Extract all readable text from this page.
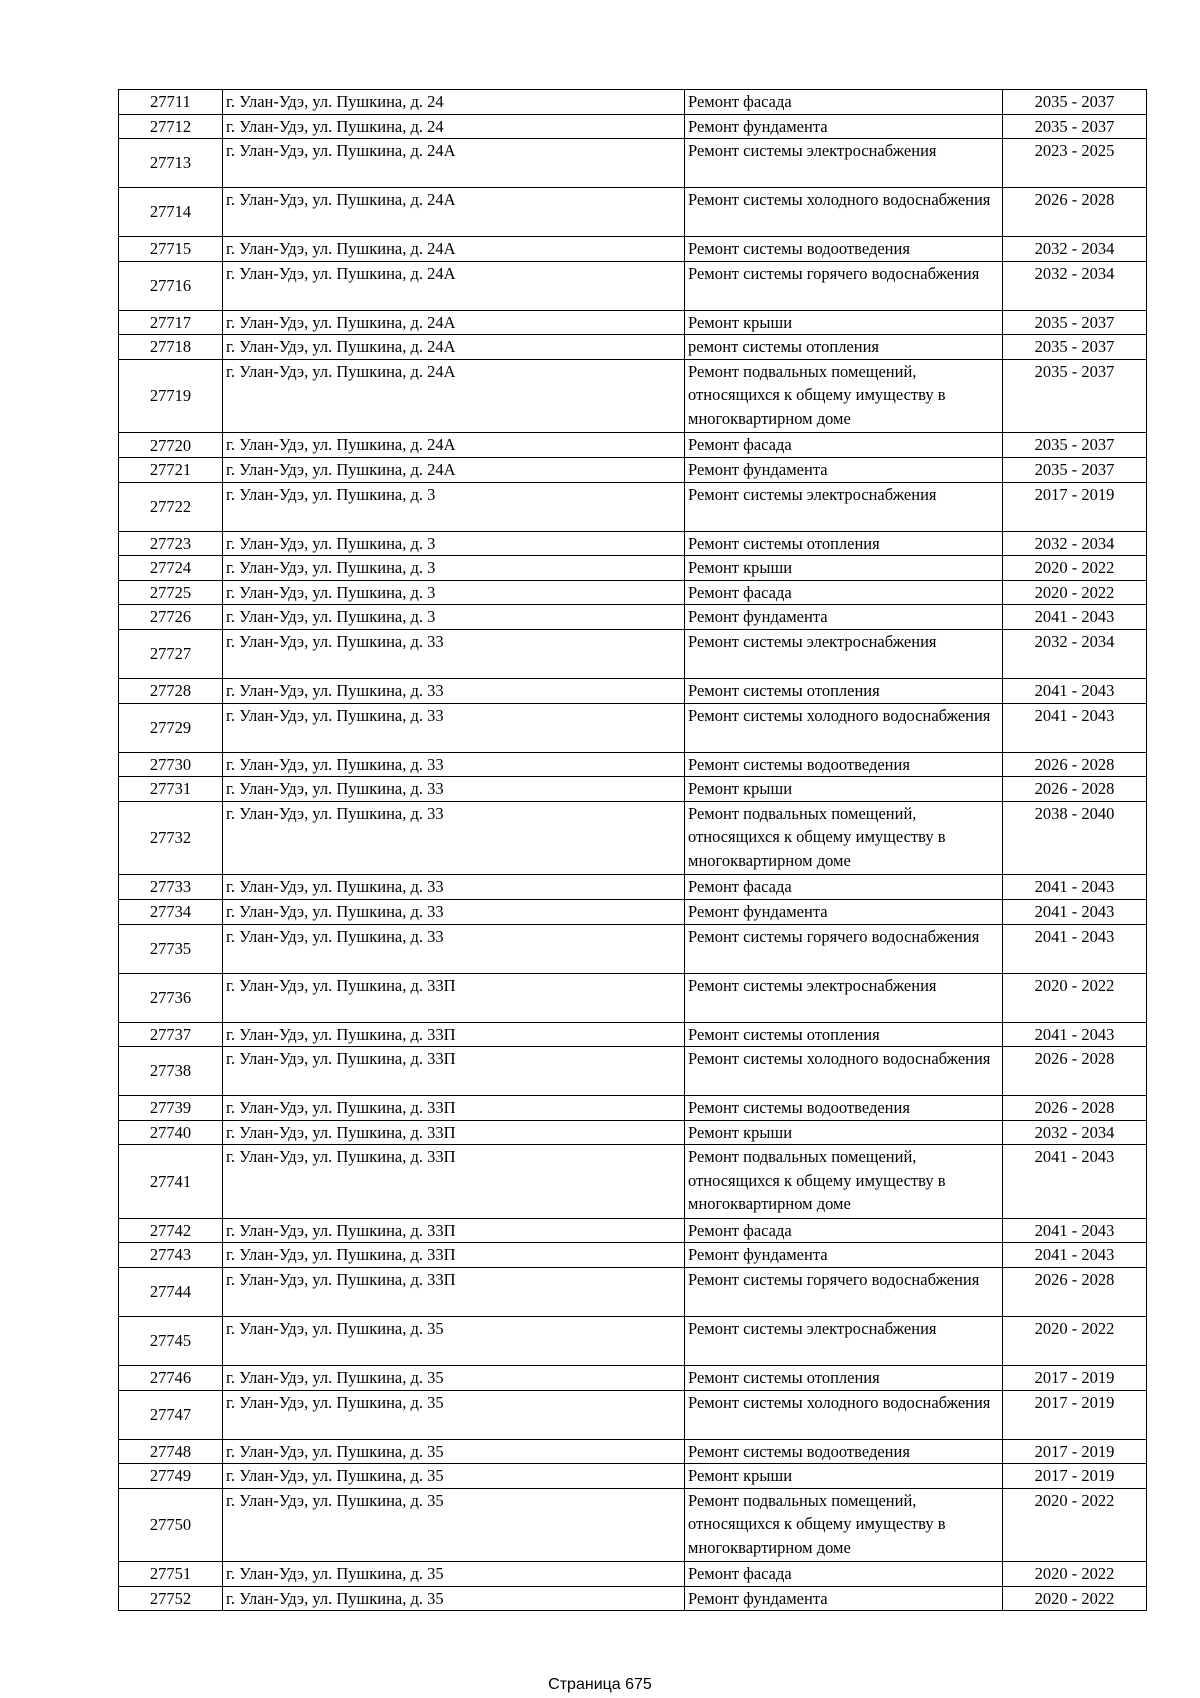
27711	г. Улан-Удэ, ул. Пушкина, д. 24	Ремонт фасада	2035 - 2037
27712	г. Улан-Удэ, ул. Пушкина, д. 24	Ремонт фундамента	2035 - 2037
27713	г. Улан-Удэ, ул. Пушкина, д. 24А	Ремонт системы электроснабжения	2023 - 2025
27714	г. Улан-Удэ, ул. Пушкина, д. 24А	Ремонт системы холодного водоснабжения	2026 - 2028
27715	г. Улан-Удэ, ул. Пушкина, д. 24А	Ремонт системы водоотведения	2032 - 2034
27716	г. Улан-Удэ, ул. Пушкина, д. 24А	Ремонт системы горячего водоснабжения	2032 - 2034
27717	г. Улан-Удэ, ул. Пушкина, д. 24А	Ремонт крыши	2035 - 2037
27718	г. Улан-Удэ, ул. Пушкина, д. 24А	ремонт системы отопления	2035 - 2037
27719	г. Улан-Удэ, ул. Пушкина, д. 24А	Ремонт подвальных помещений, относящихся к общему имуществу в многоквартирном доме	2035 - 2037
27720	г. Улан-Удэ, ул. Пушкина, д. 24А	Ремонт фасада	2035 - 2037
27721	г. Улан-Удэ, ул. Пушкина, д. 24А	Ремонт фундамента	2035 - 2037
27722	г. Улан-Удэ, ул. Пушкина, д. 3	Ремонт системы электроснабжения	2017 - 2019
27723	г. Улан-Удэ, ул. Пушкина, д. 3	Ремонт системы отопления	2032 - 2034
27724	г. Улан-Удэ, ул. Пушкина, д. 3	Ремонт крыши	2020 - 2022
27725	г. Улан-Удэ, ул. Пушкина, д. 3	Ремонт фасада	2020 - 2022
27726	г. Улан-Удэ, ул. Пушкина, д. 3	Ремонт фундамента	2041 - 2043
27727	г. Улан-Удэ, ул. Пушкина, д. 33	Ремонт системы электроснабжения	2032 - 2034
27728	г. Улан-Удэ, ул. Пушкина, д. 33	Ремонт системы отопления	2041 - 2043
27729	г. Улан-Удэ, ул. Пушкина, д. 33	Ремонт системы холодного водоснабжения	2041 - 2043
27730	г. Улан-Удэ, ул. Пушкина, д. 33	Ремонт системы водоотведения	2026 - 2028
27731	г. Улан-Удэ, ул. Пушкина, д. 33	Ремонт крыши	2026 - 2028
27732	г. Улан-Удэ, ул. Пушкина, д. 33	Ремонт подвальных помещений, относящихся к общему имуществу в многоквартирном доме	2038 - 2040
27733	г. Улан-Удэ, ул. Пушкина, д. 33	Ремонт фасада	2041 - 2043
27734	г. Улан-Удэ, ул. Пушкина, д. 33	Ремонт фундамента	2041 - 2043
27735	г. Улан-Удэ, ул. Пушкина, д. 33	Ремонт системы горячего водоснабжения	2041 - 2043
27736	г. Улан-Удэ, ул. Пушкина, д. 33П	Ремонт системы электроснабжения	2020 - 2022
27737	г. Улан-Удэ, ул. Пушкина, д. 33П	Ремонт системы отопления	2041 - 2043
27738	г. Улан-Удэ, ул. Пушкина, д. 33П	Ремонт системы холодного водоснабжения	2026 - 2028
27739	г. Улан-Удэ, ул. Пушкина, д. 33П	Ремонт системы водоотведения	2026 - 2028
27740	г. Улан-Удэ, ул. Пушкина, д. 33П	Ремонт крыши	2032 - 2034
27741	г. Улан-Удэ, ул. Пушкина, д. 33П	Ремонт подвальных помещений, относящихся к общему имуществу в многоквартирном доме	2041 - 2043
27742	г. Улан-Удэ, ул. Пушкина, д. 33П	Ремонт фасада	2041 - 2043
27743	г. Улан-Удэ, ул. Пушкина, д. 33П	Ремонт фундамента	2041 - 2043
27744	г. Улан-Удэ, ул. Пушкина, д. 33П	Ремонт системы горячего водоснабжения	2026 - 2028
27745	г. Улан-Удэ, ул. Пушкина, д. 35	Ремонт системы электроснабжения	2020 - 2022
27746	г. Улан-Удэ, ул. Пушкина, д. 35	Ремонт системы отопления	2017 - 2019
27747	г. Улан-Удэ, ул. Пушкина, д. 35	Ремонт системы холодного водоснабжения	2017 - 2019
27748	г. Улан-Удэ, ул. Пушкина, д. 35	Ремонт системы водоотведения	2017 - 2019
27749	г. Улан-Удэ, ул. Пушкина, д. 35	Ремонт крыши	2017 - 2019
27750	г. Улан-Удэ, ул. Пушкина, д. 35	Ремонт подвальных помещений, относящихся к общему имуществу в многоквартирном доме	2020 - 2022
27751	г. Улан-Удэ, ул. Пушкина, д. 35	Ремонт фасада	2020 - 2022
27752	г. Улан-Удэ, ул. Пушкина, д. 35	Ремонт фундамента	2020 - 2022
Страница 675
